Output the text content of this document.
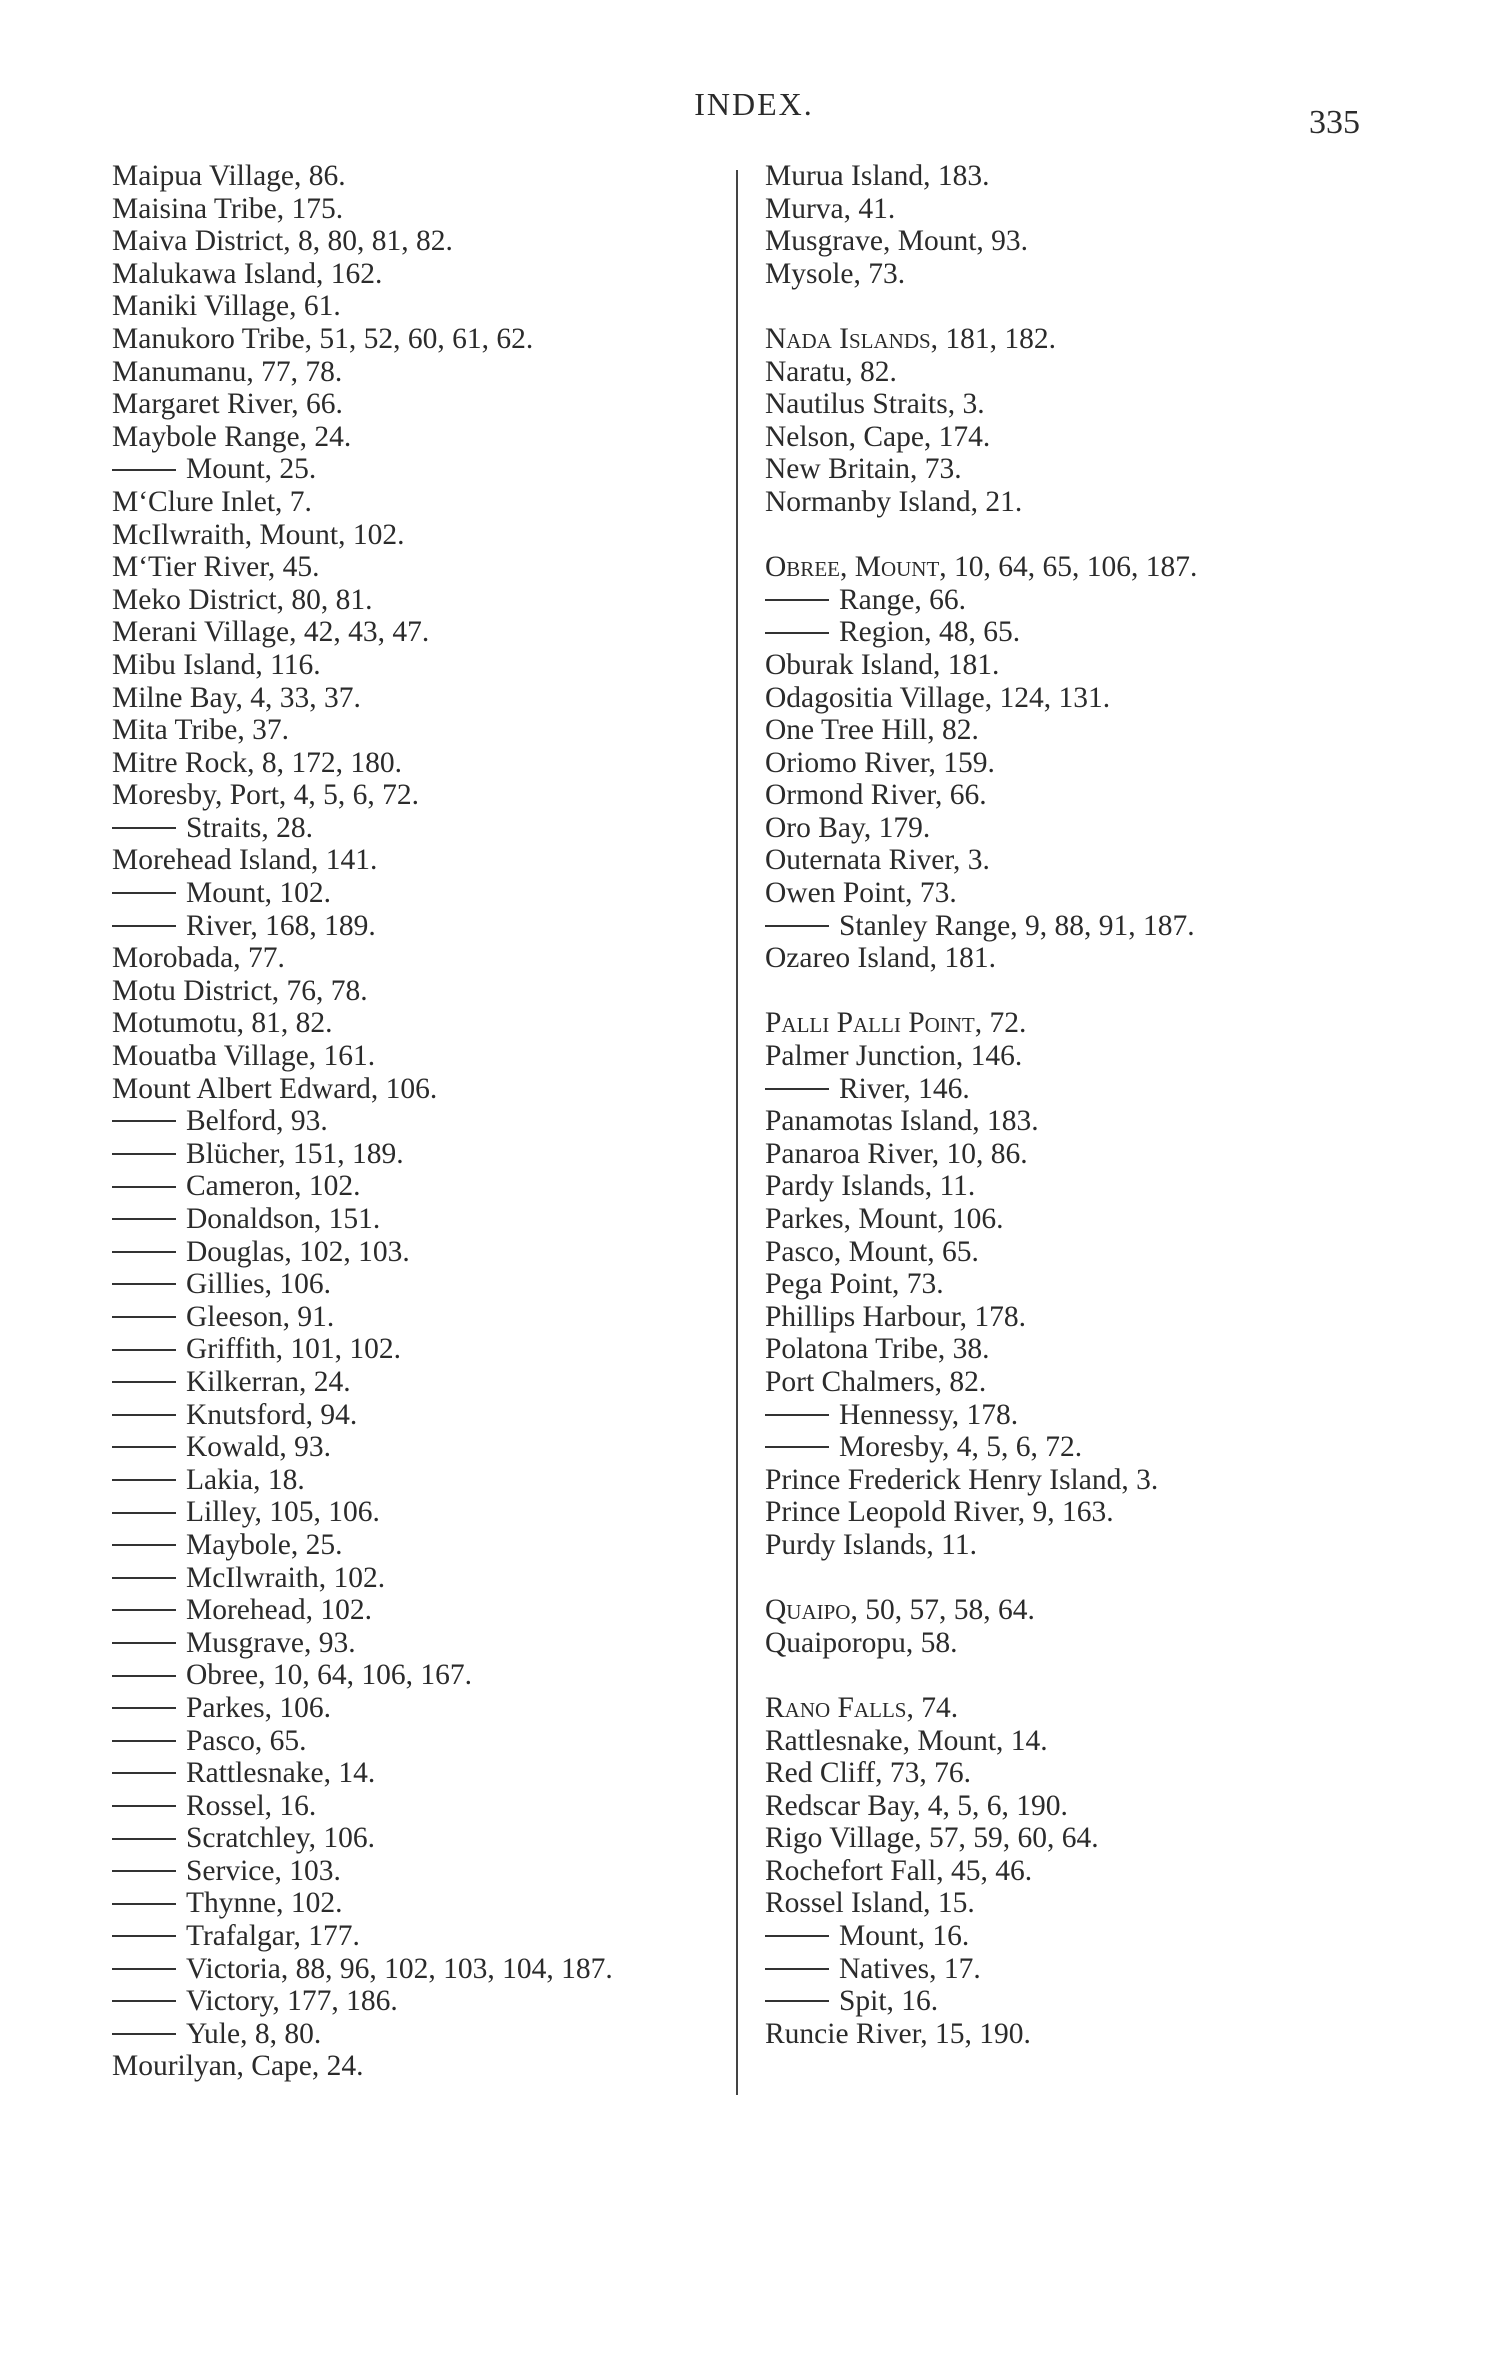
INDEX.	335
Maipua Village, 86.
Maisina Tribe, 175.
Maiva District, 8, 80, 81, 82.
Malukawa Island, 162.
Maniki Village, 61.
Manukoro Tribe, 51, 52, 60, 61, 62.
Manumanu, 77, 78.
Margaret River, 66.
Maybole Range, 24.
Mount, 25.
M‘Clure Inlet, 7.
McIlwraith, Mount, 102.
M‘Tier River, 45.
Meko District, 80, 81.
Merani Village, 42, 43, 47.
Mibu Island, 116.
Milne Bay, 4, 33, 37.
Mita Tribe, 37.
Mitre Rock, 8, 172, 180.
Moresby, Port, 4, 5, 6, 72.
Straits, 28.
Morehead Island, 141.
Mount, 102.
River, 168, 189.
Morobada, 77.
Motu District, 76, 78.
Motumotu, 81, 82.
Mouatba Village, 161.
Mount Albert Edward, 106.
Belford, 93.
Blücher, 151, 189.
Cameron, 102.
Donaldson, 151.
Douglas, 102, 103.
Gillies, 106.
Gleeson, 91.
Griffith, 101, 102.
Kilkerran, 24.
Knutsford, 94.
Kowald, 93.
Lakia, 18.
Lilley, 105, 106.
Maybole, 25.
McIlwraith, 102.
Morehead, 102.
Musgrave, 93.
Obree, 10, 64, 106, 167.
Parkes, 106.
Pasco, 65.
Rattlesnake, 14.
Rossel, 16.
Scratchley, 106.
Service, 103.
Thynne, 102.
Trafalgar, 177.
Victoria, 88, 96, 102, 103, 104, 187.
Victory, 177, 186.
Yule, 8, 80.
Mourilyan, Cape, 24.
Murua Island, 183.
Murva, 41.
Musgrave, Mount, 93.
Mysole, 73.
Nada Islands, 181, 182.
Naratu, 82.
Nautilus Straits, 3.
Nelson, Cape, 174.
New Britain, 73.
Normanby Island, 21.
Obree, Mount, 10, 64, 65, 106, 187.
Range, 66.
Region, 48, 65.
Oburak Island, 181.
Odagositia Village, 124, 131.
One Tree Hill, 82.
Oriomo River, 159.
Ormond River, 66.
Oro Bay, 179.
Outernata River, 3.
Owen Point, 73.
Stanley Range, 9, 88, 91, 187.
Ozareo Island, 181.
Palli Palli Point, 72.
Palmer Junction, 146.
River, 146.
Panamotas Island, 183.
Panaroa River, 10, 86.
Pardy Islands, 11.
Parkes, Mount, 106.
Pasco, Mount, 65.
Pega Point, 73.
Phillips Harbour, 178.
Polatona Tribe, 38.
Port Chalmers, 82.
Hennessy, 178.
Moresby, 4, 5, 6, 72.
Prince Frederick Henry Island, 3.
Prince Leopold River, 9, 163.
Purdy Islands, 11.
Quaipo, 50, 57, 58, 64.
Quaiporopu, 58.
Rano Falls, 74.
Rattlesnake, Mount, 14.
Red Cliff, 73, 76.
Redscar Bay, 4, 5, 6, 190.
Rigo Village, 57, 59, 60, 64.
Rochefort Fall, 45, 46.
Rossel Island, 15.
Mount, 16.
Natives, 17.
Spit, 16.
Runcie River, 15, 190.
